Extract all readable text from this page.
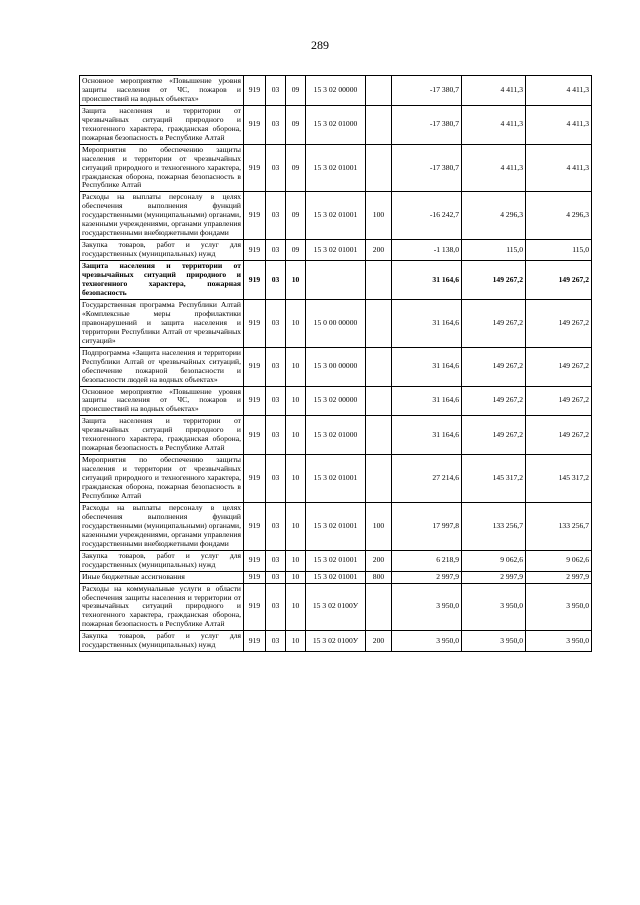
289
Основное мероприятие «Повышение уровня защиты населения от ЧС, пожаров и происшествий на водных объектах»	919	03	09	15 3 02 00000		-17 380,7	4 411,3	4 411,3
Защита населения и территории от чрезвычайных ситуаций природного и техногенного характера, гражданская оборона, пожарная безопасность в Республике Алтай	919	03	09	15 3 02 01000		-17 380,7	4 411,3	4 411,3
Мероприятия по обеспечению защиты населения и территории от чрезвычайных ситуаций природного и техногенного характера, гражданская оборона, пожарная безопасность в Республике Алтай	919	03	09	15 3 02 01001		-17 380,7	4 411,3	4 411,3
Расходы на выплаты персоналу в целях обеспечения выполнения функций государственными (муниципальными) органами, казенными учреждениями, органами управления государственными внебюджетными фондами	919	03	09	15 3 02 01001	100	-16 242,7	4 296,3	4 296,3
Закупка товаров, работ и услуг для государственных (муниципальных) нужд	919	03	09	15 3 02 01001	200	-1 138,0	115,0	115,0
Защита населения и территории от чрезвычайных ситуаций природного и техногенного характера, пожарная безопасность	919	03	10			31 164,6	149 267,2	149 267,2
Государственная программа Республики Алтай «Комплексные меры профилактики правонарушений и защита населения и территории Республики Алтай от чрезвычайных ситуаций»	919	03	10	15 0 00 00000		31 164,6	149 267,2	149 267,2
Подпрограмма «Защита населения и территории Республики Алтай от чрезвычайных ситуаций, обеспечение пожарной безопасности и безопасности людей на водных объектах»	919	03	10	15 3 00 00000		31 164,6	149 267,2	149 267,2
Основное мероприятие «Повышение уровня защиты населения от ЧС, пожаров и происшествий на водных объектах»	919	03	10	15 3 02 00000		31 164,6	149 267,2	149 267,2
Защита населения и территории от чрезвычайных ситуаций природного и техногенного характера, гражданская оборона, пожарная безопасность в Республике Алтай	919	03	10	15 3 02 01000		31 164,6	149 267,2	149 267,2
Мероприятия по обеспечению защиты населения и территории от чрезвычайных ситуаций природного и техногенного характера, гражданская оборона, пожарная безопасность в Республике Алтай	919	03	10	15 3 02 01001		27 214,6	145 317,2	145 317,2
Расходы на выплаты персоналу в целях обеспечения выполнения функций государственными (муниципальными) органами, казенными учреждениями, органами управления государственными внебюджетными фондами	919	03	10	15 3 02 01001	100	17 997,8	133 256,7	133 256,7
Закупка товаров, работ и услуг для государственных (муниципальных) нужд	919	03	10	15 3 02 01001	200	6 218,9	9 062,6	9 062,6
Иные бюджетные ассигнования	919	03	10	15 3 02 01001	800	2 997,9	2 997,9	2 997,9
Расходы на коммунальные услуги в области обеспечения защиты населения и территории от чрезвычайных ситуаций природного и техногенного характера, гражданская оборона, пожарная безопасность в Республике Алтай	919	03	10	15 3 02 0100У		3 950,0	3 950,0	3 950,0
Закупка товаров, работ и услуг для государственных (муниципальных) нужд	919	03	10	15 3 02 0100У	200	3 950,0	3 950,0	3 950,0
